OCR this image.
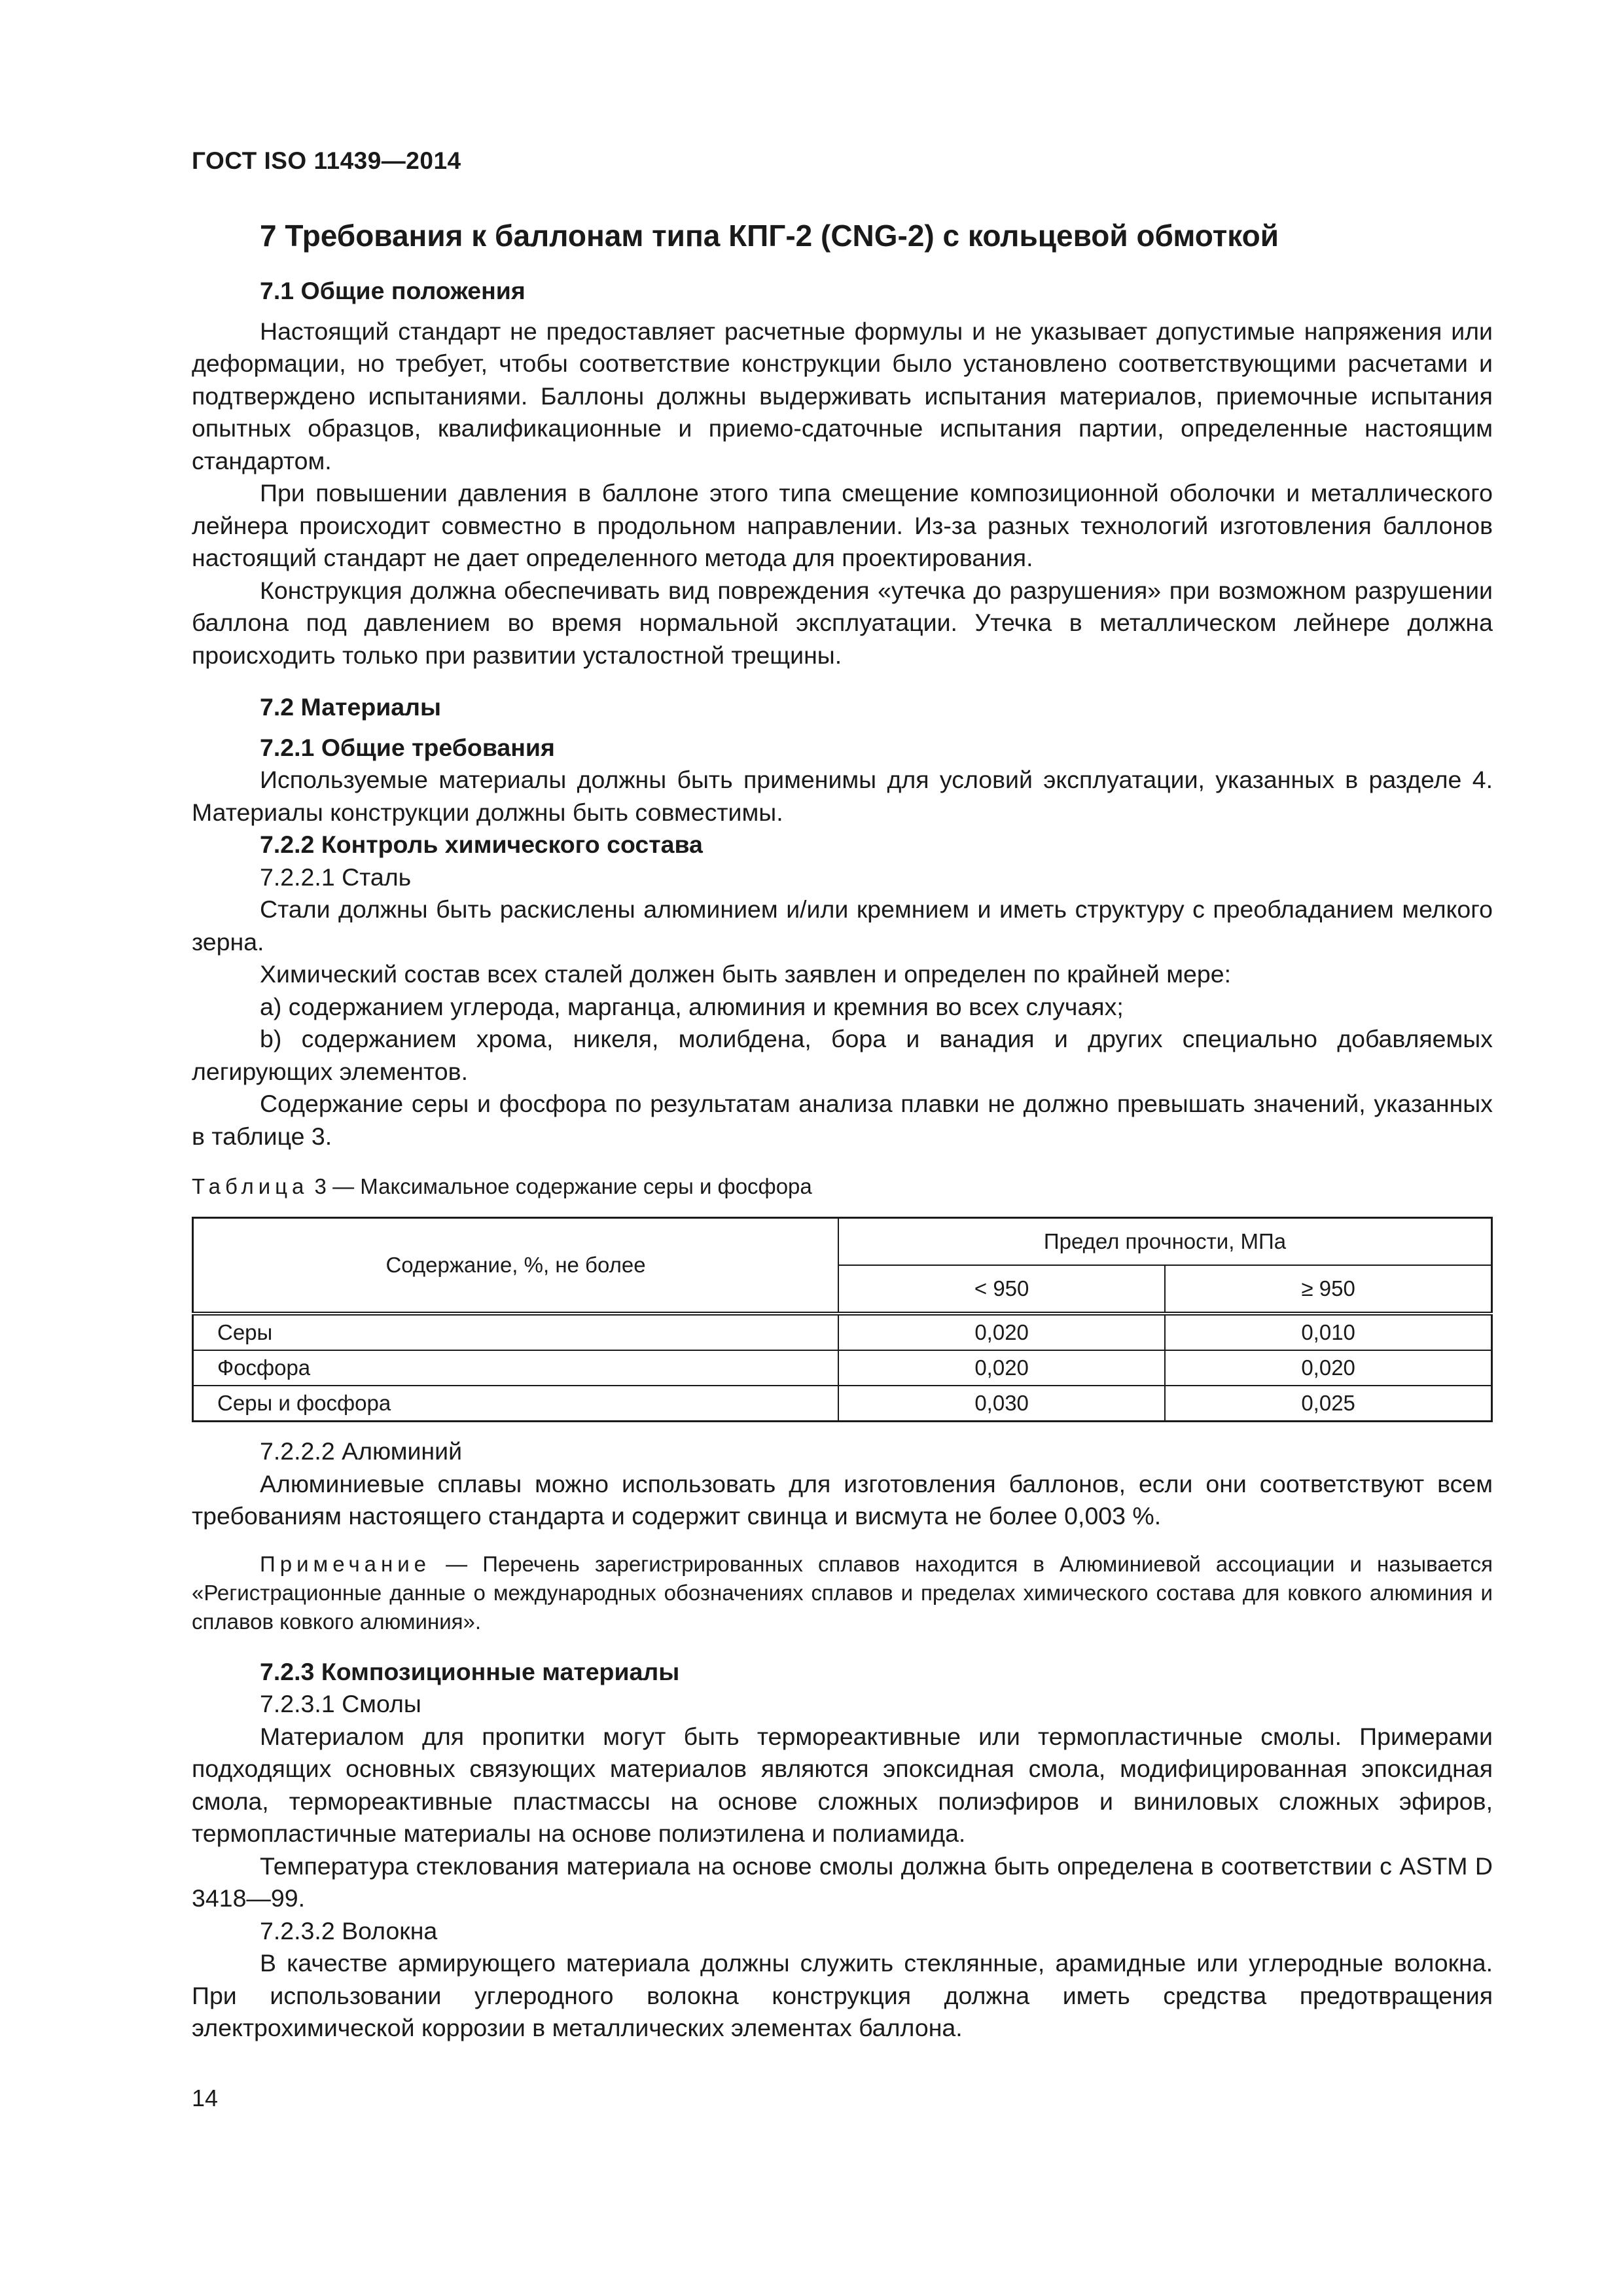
ГОСТ ISO 11439—2014
7 Требования к баллонам типа КПГ-2 (CNG-2) с кольцевой обмоткой
7.1 Общие положения

Настоящий стандарт не предоставляет расчетные формулы и не указывает допустимые напряжения или деформации, но требует, чтобы соответствие конструкции было установлено соответствующими расчетами и подтверждено испытаниями. Баллоны должны выдерживать испытания материалов, приемочные испытания опытных образцов, квалификационные и приемо-сдаточные испытания партии, определенные настоящим стандартом.

При повышении давления в баллоне этого типа смещение композиционной оболочки и металлического лейнера происходит совместно в продольном направлении. Из-за разных технологий изготовления баллонов настоящий стандарт не дает определенного метода для проектирования.

Конструкция должна обеспечивать вид повреждения «утечка до разрушения» при возможном разрушении баллона под давлением во время нормальной эксплуатации. Утечка в металлическом лейнере должна происходить только при развитии усталостной трещины.

7.2 Материалы
7.2.1 Общие требования

Используемые материалы должны быть применимы для условий эксплуатации, указанных в разделе 4. Материалы конструкции должны быть совместимы.

7.2.2 Контроль химического состава
7.2.2.1 Сталь

Стали должны быть раскислены алюминием и/или кремнием и иметь структуру с преобладанием мелкого зерна.

Химический состав всех сталей должен быть заявлен и определен по крайней мере:

a) содержанием углерода, марганца, алюминия и кремния во всех случаях;

b) содержанием хрома, никеля, молибдена, бора и ванадия и других специально добавляемых легирующих элементов.

Содержание серы и фосфора по результатам анализа плавки не должно превышать значений, указанных в таблице 3.

Таблица 3 — Максимальное содержание серы и фосфора
Содержание, %, не более	Предел прочности, МПа	
	< 950	≥ 950
Серы	0,020	0,010
Фосфора	0,020	0,020
Серы и фосфора	0,030	0,025
7.2.2.2 Алюминий

Алюминиевые сплавы можно использовать для изготовления баллонов, если они соответствуют всем требованиям настоящего стандарта и содержит свинца и висмута не более 0,003 %.

Примечание — Перечень зарегистрированных сплавов находится в Алюминиевой ассоциации и называется «Регистрационные данные о международных обозначениях сплавов и пределах химического состава для ковкого алюминия и сплавов ковкого алюминия».
7.2.3 Композиционные материалы
7.2.3.1 Смолы

Материалом для пропитки могут быть термореактивные или термопластичные смолы. Примерами подходящих основных связующих материалов являются эпоксидная смола, модифицированная эпоксидная смола, термореактивные пластмассы на основе сложных полиэфиров и виниловых сложных эфиров, термопластичные материалы на основе полиэтилена и полиамида.

Температура стеклования материала на основе смолы должна быть определена в соответствии с ASTM D 3418—99.

7.2.3.2 Волокна

В качестве армирующего материала должны служить стеклянные, арамидные или углеродные волокна. При использовании углеродного волокна конструкция должна иметь средства предотвращения электрохимической коррозии в металлических элементах баллона.

14
